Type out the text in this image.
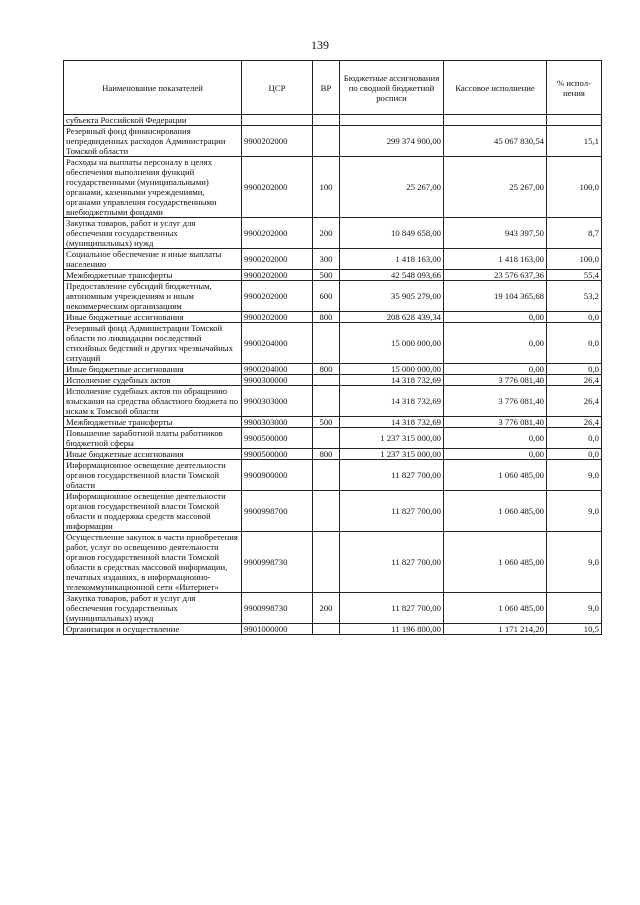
139
Наименование показателей	ЦСР	ВР	Бюджетные ассигнования по сводной бюджетной росписи	Кассовое исполнение	% испол- нения
субъекта Российской Федерации					
Резервный фонд финансирования непредвиденных расходов Администрации Томской области	9900202000		299 374 900,00	45 067 830,54	15,1
Расходы на выплаты персоналу в целях обеспечения выполнения функций государственными (муниципальными) органами, казенными учреждениями, органами управления государственными внебюджетными фондами	9900202000	100	25 267,00	25 267,00	100,0
Закупка товаров, работ и услуг для обеспечения государственных (муниципальных) нужд	9900202000	200	10 849 658,00	943 397,50	8,7
Социальное обеспечение и иные выплаты населению	9900202000	300	1 418 163,00	1 418 163,00	100,0
Межбюджетные трансферты	9900202000	500	42 548 093,66	23 576 637,36	55,4
Предоставление субсидий бюджетным, автономным учреждениям и иным некоммерческим организациям	9900202000	600	35 905 279,00	19 104 365,68	53,2
Иные бюджетные ассигнования	9900202000	800	208 628 439,34	0,00	0,0
Резервный фонд Администрации Томской области по ликвидации последствий стихийных бедствий и других чрезвычайных ситуаций	9900204000		15 000 000,00	0,00	0,0
Иные бюджетные ассигнования	9900204000	800	15 000 000,00	0,00	0,0
Исполнение судебных актов	9900300000		14 318 732,69	3 776 081,40	26,4
Исполнение судебных актов по обращению взыскания на средства областного бюджета по искам к Томской области	9900303000		14 318 732,69	3 776 081,40	26,4
Межбюджетные трансферты	9900303000	500	14 318 732,69	3 776 081,40	26,4
Повышение заработной платы работников бюджетной сферы	9900500000		1 237 315 000,00	0,00	0,0
Иные бюджетные ассигнования	9900500000	800	1 237 315 000,00	0,00	0,0
Информационное освещение деятельности органов государственной власти Томской области	9900900000		11 827 700,00	1 060 485,00	9,0
Информационное освещение деятельности органов государственной власти Томской области и поддержка средств массовой информации	9900998700		11 827 700,00	1 060 485,00	9,0
Осуществление закупок в части приобретения работ, услуг по освещению деятельности органов государственной власти Томской области в средствах массовой информации, печатных изданиях, в информационно-телекоммуникационной сети «Интернет»	9900998730		11 827 700,00	1 060 485,00	9,0
Закупка товаров, работ и услуг для обеспечения государственных (муниципальных) нужд	9900998730	200	11 827 700,00	1 060 485,00	9,0
Организация и осуществление	9901000000		11 196 800,00	1 171 214,20	10,5
